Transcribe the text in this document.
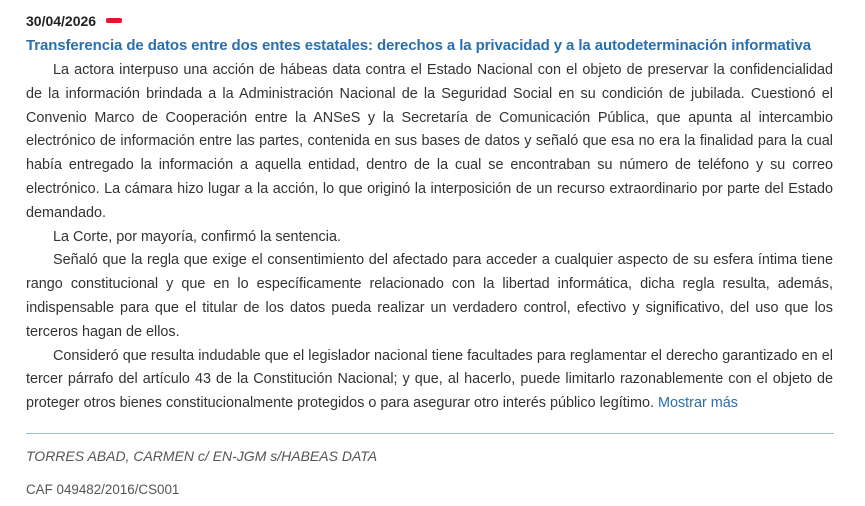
30/04/2026
Transferencia de datos entre dos entes estatales: derechos a la privacidad y a la autodeterminación informativa

La actora interpuso una acción de hábeas data contra el Estado Nacional con el objeto de preservar la confidencialidad de la información brindada a la Administración Nacional de la Seguridad Social en su condición de jubilada. Cuestionó el Convenio Marco de Cooperación entre la ANSeS y la Secretaría de Comunicación Pública, que apunta al intercambio electrónico de información entre las partes, contenida en sus bases de datos y señaló que esa no era la finalidad para la cual había entregado la información a aquella entidad, dentro de la cual se encontraban su número de teléfono y su correo electrónico. La cámara hizo lugar a la acción, lo que originó la interposición de un recurso extraordinario por parte del Estado demandado.

La Corte, por mayoría, confirmó la sentencia.

Señaló que la regla que exige el consentimiento del afectado para acceder a cualquier aspecto de su esfera íntima tiene rango constitucional y que en lo específicamente relacionado con la libertad informática, dicha regla resulta, además, indispensable para que el titular de los datos pueda realizar un verdadero control, efectivo y significativo, del uso que los terceros hagan de ellos.

Consideró que resulta indudable que el legislador nacional tiene facultades para reglamentar el derecho garantizado en el tercer párrafo del artículo 43 de la Constitución Nacional; y que, al hacerlo, puede limitarlo razonablemente con el objeto de proteger otros bienes constitucionalmente protegidos o para asegurar otro interés público legítimo. Mostrar más

TORRES ABAD, CARMEN c/ EN-JGM s/HABEAS DATA
CAF 049482/2016/CS001
